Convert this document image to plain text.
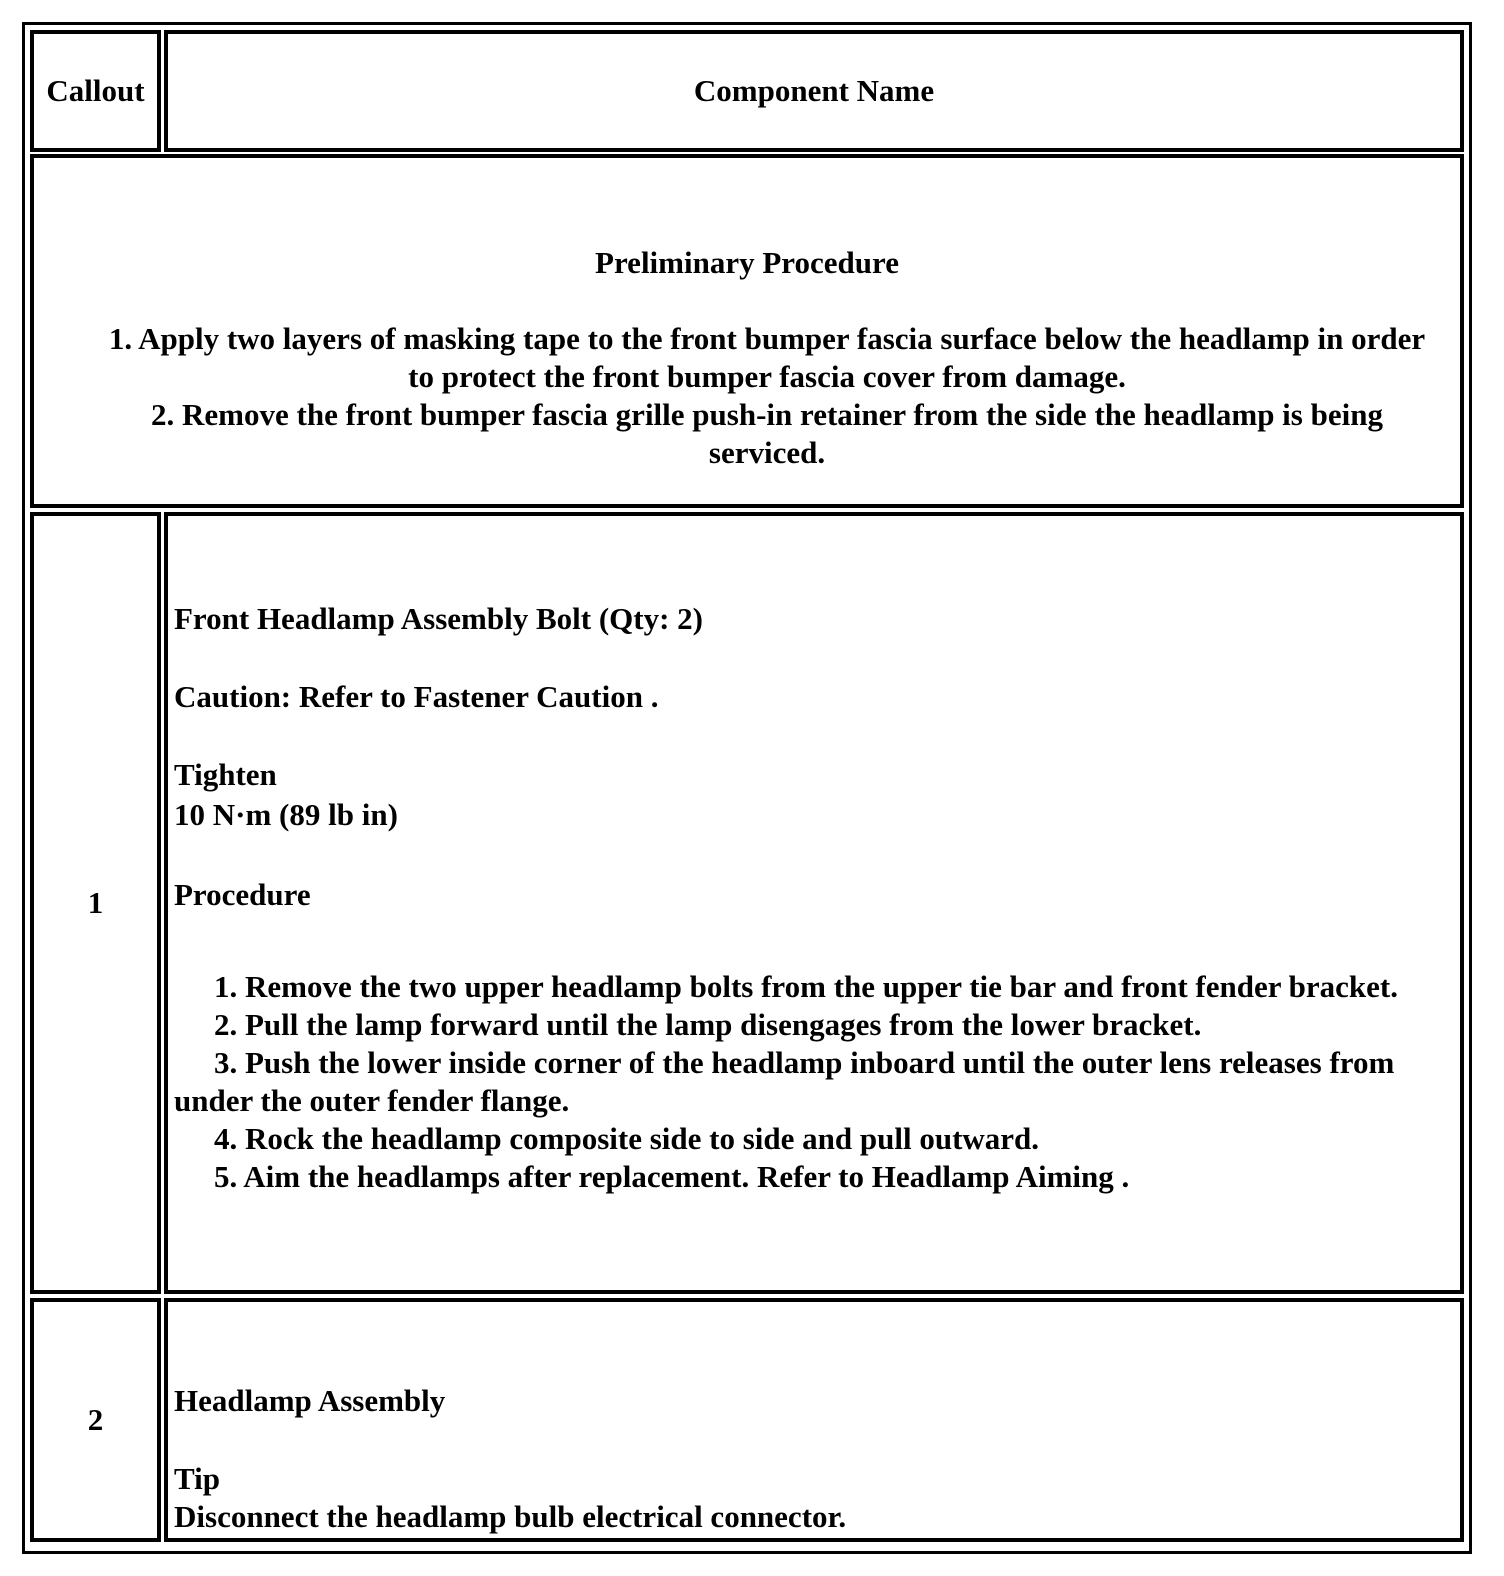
Callout	Component Name
Preliminary Procedure
1. Apply two layers of masking tape to the front bumper fascia surface below the headlamp in order to protect the front bumper fascia cover from damage.
2. Remove the front bumper fascia grille push-in retainer from the side the headlamp is being serviced.
1
Front Headlamp Assembly Bolt (Qty: 2)
Caution: Refer to Fastener Caution .
Tighten
10 N·m (89 lb in)
Procedure
1. Remove the two upper headlamp bolts from the upper tie bar and front fender bracket.
2. Pull the lamp forward until the lamp disengages from the lower bracket.
3. Push the lower inside corner of the headlamp inboard until the outer lens releases from under the outer fender flange.
4. Rock the headlamp composite side to side and pull outward.
5. Aim the headlamps after replacement. Refer to Headlamp Aiming .
2
Headlamp Assembly
Tip
Disconnect the headlamp bulb electrical connector.
